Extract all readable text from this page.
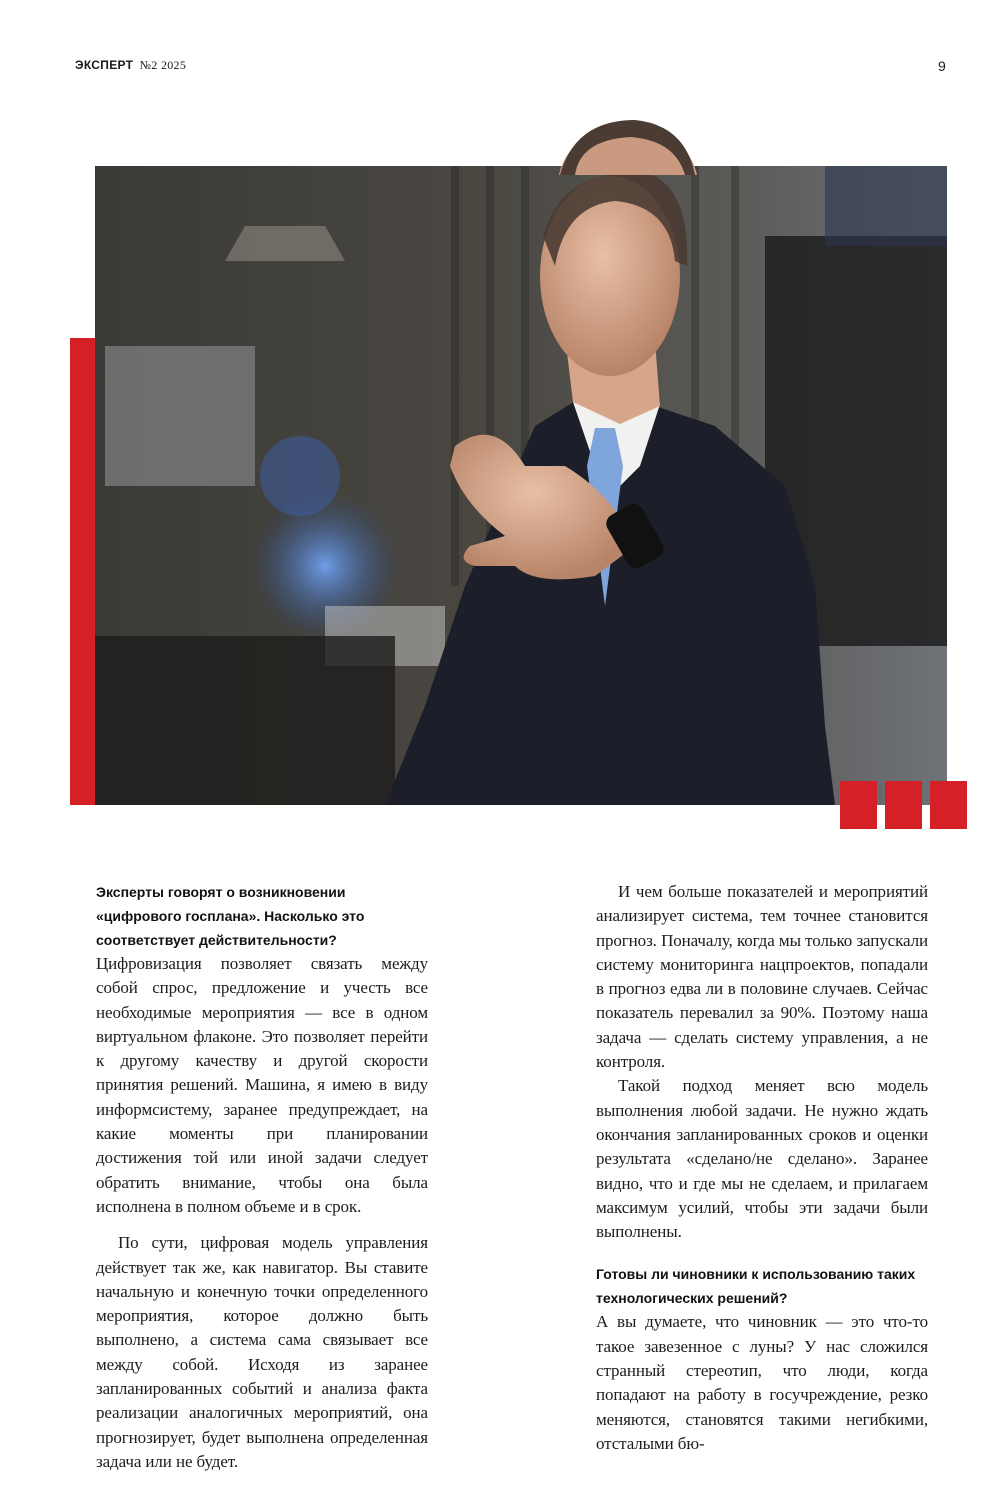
ЭКСПЕРТ №2 2025	9

Эксперты говорят о возникновении «цифрового госплана». Насколько это соответствует действительности?

Цифровизация позволяет связать между собой спрос, предложение и учесть все необходимые мероприятия — все в одном виртуальном флаконе. Это позволяет перейти к другому качеству и другой скорости принятия решений. Машина, я имею в виду информсистему, заранее предупреждает, на какие моменты при планировании достижения той или иной задачи следует обратить внимание, чтобы она была исполнена в полном объеме и в срок.

По сути, цифровая модель управления действует так же, как навигатор. Вы ставите начальную и конечную точки определенного мероприятия, которое должно быть выполнено, а система сама связывает все между собой. Исходя из заранее запланированных событий и анализа факта реализации аналогичных мероприятий, она прогнозирует, будет выполнена определенная задача или не будет.

И чем больше показателей и мероприятий анализирует система, тем точнее становится прогноз. Поначалу, когда мы только запускали систему мониторинга нацпроектов, попадали в прогноз едва ли в половине случаев. Сейчас показатель перевалил за 90%. Поэтому наша задача — сделать систему управления, а не контроля.

Такой подход меняет всю модель выполнения любой задачи. Не нужно ждать окончания запланированных сроков и оценки результата «сделано/не сделано». Заранее видно, что и где мы не сделаем, и прилагаем максимум усилий, чтобы эти задачи были выполнены.

Готовы ли чиновники к использованию таких технологических решений?

А вы думаете, что чиновник — это что-то такое завезенное с луны? У нас сложился странный стереотип, что люди, когда попадают на работу в госучреждение, резко меняются, становятся такими негибкими, отсталыми бю-
